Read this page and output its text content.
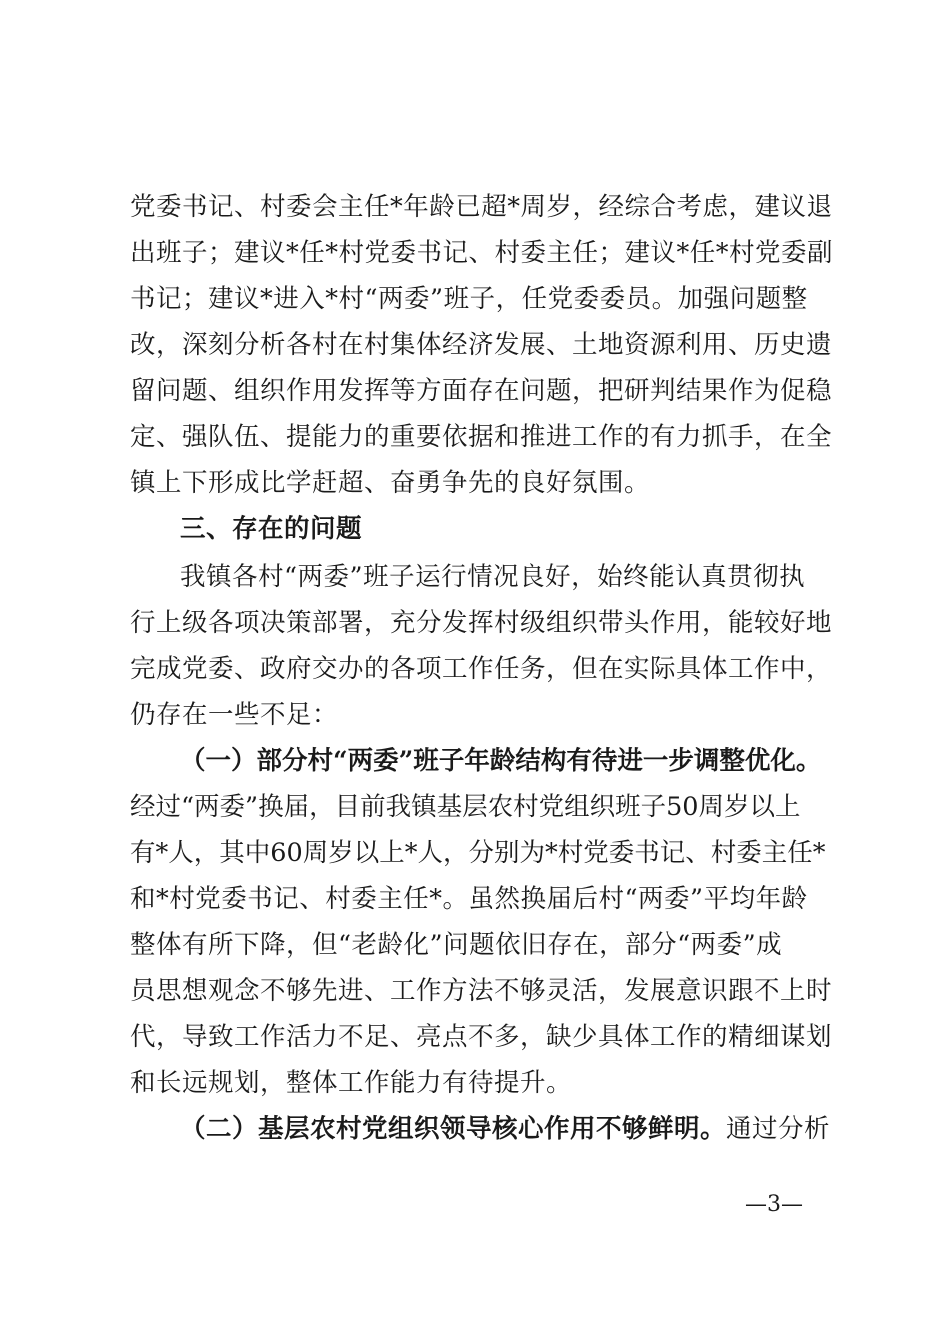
党委书记、村委会主任*年龄已超*周岁，经综合考虑，建议退
出班子；建议*任*村党委书记、村委主任；建议*任*村党委副
书记；建议*进入*村“两委”班子，任党委委员。加强问题整
改，深刻分析各村在村集体经济发展、土地资源利用、历史遗
留问题、组织作用发挥等方面存在问题，把研判结果作为促稳
定、强队伍、提能力的重要依据和推进工作的有力抓手，在全
镇上下形成比学赶超、奋勇争先的良好氛围。
三、存在的问题
我镇各村“两委”班子运行情况良好，始终能认真贯彻执
行上级各项决策部署，充分发挥村级组织带头作用，能较好地
完成党委、政府交办的各项工作任务，但在实际具体工作中，
仍存在一些不足：
（一）部分村“两委”班子年龄结构有待进一步调整优化。
经过“两委”换届，目前我镇基层农村党组织班子50周岁以上
有*人，其中60周岁以上*人，分别为*村党委书记、村委主任*
和*村党委书记、村委主任*。虽然换届后村“两委”平均年龄
整体有所下降，但“老龄化”问题依旧存在，部分“两委”成
员思想观念不够先进、工作方法不够灵活，发展意识跟不上时
代，导致工作活力不足、亮点不多，缺少具体工作的精细谋划
和长远规划，整体工作能力有待提升。
（二）基层农村党组织领导核心作用不够鲜明。通过分析
—3—
